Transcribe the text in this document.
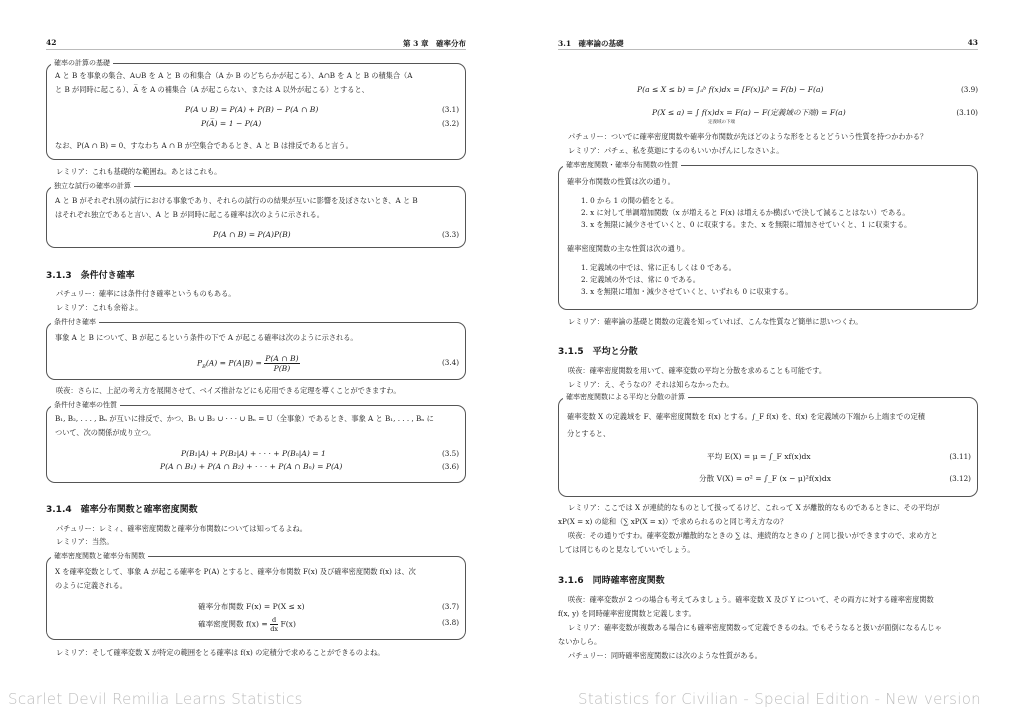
42	第 3 章　確率分布
確率の計算の基礎
A と B を事象の集合、A∪B を A と B の和集合（A か B のどちらかが起こる）、A∩B を A と B の積集合（A
と B が同時に起こる）、A̅ を A の補集合（A が起こらない、または A 以外が起こる）とすると、
P(A ∪ B) = P(A) + P(B) − P(A ∩ B)	(3.1)
P(A̅) = 1 − P(A)	(3.2)
なお、P(A ∩ B) = 0、すなわち A ∩ B が空集合であるとき、A と B は排反であると言う。
レミリア：これも基礎的な範囲ね。あとはこれも。
独立な試行の確率の計算
A と B がそれぞれ別の試行における事象であり、それらの試行のの結果が互いに影響を及ぼさないとき、A と B
はそれぞれ独立であると言い、A と B が同時に起こる確率は次のように示される。
P(A ∩ B) = P(A)P(B)	(3.3)
3.1.3　条件付き確率
パチュリー：確率には条件付き確率というものもある。
レミリア：これも余裕よ。
条件付き確率
事象 A と B について、B が起こるという条件の下で A が起こる確率は次のように示される。
$P_B(A) = P(A|B) = \frac{P(A \cap B)}{P(B)}$	(3.4)
咲夜：さらに、上記の考え方を展開させて、ベイズ推計などにも応用できる定理を導くことができますわ。
条件付き確率の性質
B₁, B₂, . . . , Bₙ が互いに排反で、かつ、B₁ ∪ B₂ ∪ · · · ∪ Bₙ = U（全事象）であるとき、事象 A と B₁, . . . , Bₙ に
ついて、次の関係が成り立つ。
P(B₁|A) + P(B₂|A) + · · · + P(Bₙ|A) = 1	(3.5)
P(A ∩ B₁) + P(A ∩ B₂) + · · · + P(A ∩ Bₙ) = P(A)	(3.6)
3.1.4　確率分布関数と確率密度関数
パチュリー：レミィ、確率密度関数と確率分布関数については知ってるよね。
レミリア：当然。
確率密度関数と確率分布関数
X を確率変数として、事象 A が起こる確率を P(A) とすると、確率分布関数 F(x) 及び確率密度関数 f(x) は、次
のように定義される。
確率分布関数 F(x) = P(X ≤ x)	(3.7)
確率密度関数 $f(x) = \frac{d}{dx} F(x)$	(3.8)
レミリア：そして確率変数 X が特定の範囲をとる確率は f(x) の定積分で求めることができるのよね。
3.1　確率論の基礎	43
P(a ≤ X ≤ b) = ∫ₐᵇ f(x)dx = [F(x)]ₐᵇ = F(b) − F(a)	(3.9)
P(X ≤ a) = ∫ f(x)dx = F(a) − F(定義域の下端) = F(a)
定義域の下端
(3.10)
パチュリー：ついでに確率密度関数や確率分布関数が先ほどのような形をとるとどういう性質を持つかわかる？
レミリア：パチェ、私を莫迦にするのもいいかげんにしなさいよ。
確率密度関数・確率分布関数の性質
確率分布関数の性質は次の通り。
1. 0 から 1 の間の値をとる。
2. x に対して単調増加関数（x が増えると F(x) は増えるか横ばいで決して減ることはない）である。
3. x を無限に減少させていくと、0 に収束する。また、x を無限に増加させていくと、1 に収束する。
確率密度関数の主な性質は次の通り。
1. 定義域の中では、常に正もしくは 0 である。
2. 定義域の外では、常に 0 である。
3. x を無限に増加・減少させていくと、いずれも 0 に収束する。
レミリア：確率論の基礎と関数の定義を知っていれば、こんな性質など簡単に思いつくわ。
3.1.5　平均と分散
咲夜：確率密度関数を用いて、確率変数の平均と分散を求めることも可能です。
レミリア：え、そうなの？それは知らなかったわ。
確率密度関数による平均と分散の計算
確率変数 X の定義域を F、確率密度関数を f(x) とする。∫_F f(x) を、f(x) を定義域の下端から上端までの定積
分とすると、
平均 E(X) = μ = ∫_F xf(x)dx	(3.11)
分散 V(X) = σ² = ∫_F (x − μ)²f(x)dx	(3.12)
レミリア：ここでは X が連続的なものとして扱ってるけど、これって X が離散的なものであるときに、その平均が
xP(X = x) の総和（∑ xP(X = x)）で求められるのと同じ考え方なの？
咲夜：その通りですわ。確率変数が離散的なときの ∑ は、連続的なときの ∫ と同じ扱いができますので、求め方と
しては同じものと見なしていいでしょう。
3.1.6　同時確率密度関数
咲夜：確率変数が 2 つの場合も考えてみましょう。確率変数 X 及び Y について、その両方に対する確率密度関数
f(x, y) を同時確率密度関数と定義します。
レミリア：確率変数が複数ある場合にも確率密度関数って定義できるのね。でもそうなると扱いが面倒になるんじゃ
ないかしら。
パチュリー：同時確率密度関数には次のような性質がある。
Scarlet Devil Remilia Learns Statistics	Statistics for Civilian - Special Edition - New version
